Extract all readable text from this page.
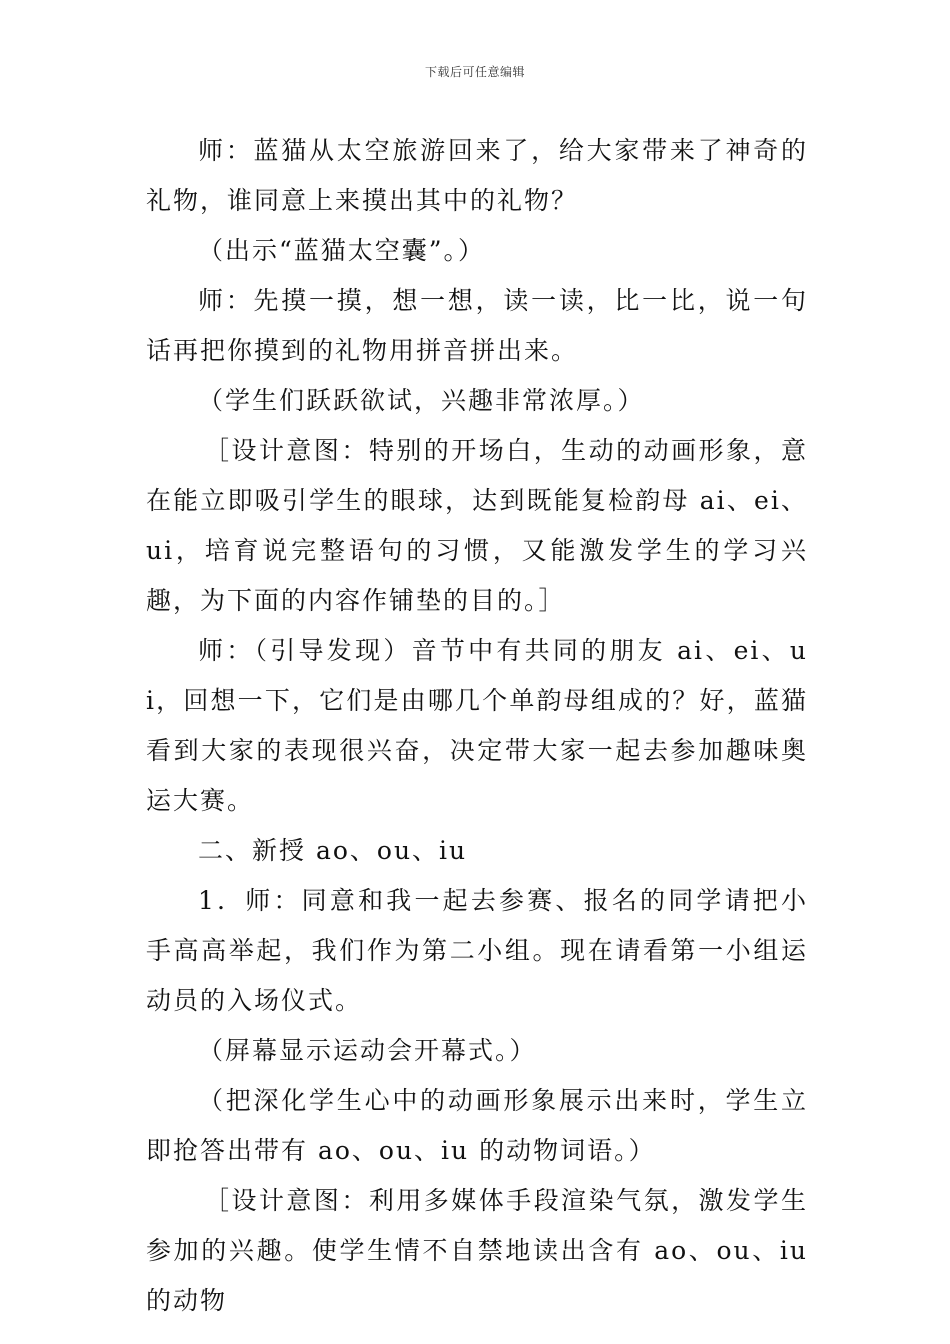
下载后可任意编辑

师：蓝猫从太空旅游回来了，给大家带来了神奇的礼物，谁同意上来摸出其中的礼物？

（出示“蓝猫太空囊”。）

师：先摸一摸，想一想，读一读，比一比，说一句话再把你摸到的礼物用拼音拼出来。

（学生们跃跃欲试，兴趣非常浓厚。）

［设计意图：特别的开场白，生动的动画形象，意在能立即吸引学生的眼球，达到既能复检韵母 ai、ei、ui，培育说完整语句的习惯，又能激发学生的学习兴趣，为下面的内容作铺垫的目的。］

师：（引导发现）音节中有共同的朋友 ai、ei、ui，回想一下，它们是由哪几个单韵母组成的？好，蓝猫看到大家的表现很兴奋，决定带大家一起去参加趣味奥运大赛。

二、新授 ao、ou、iu

1．师：同意和我一起去参赛、报名的同学请把小手高高举起，我们作为第二小组。现在请看第一小组运动员的入场仪式。

（屏幕显示运动会开幕式。）

（把深化学生心中的动画形象展示出来时，学生立即抢答出带有 ao、ou、iu 的动物词语。）

［设计意图：利用多媒体手段渲染气氛，激发学生参加的兴趣。使学生情不自禁地读出含有 ao、ou、iu 的动物
